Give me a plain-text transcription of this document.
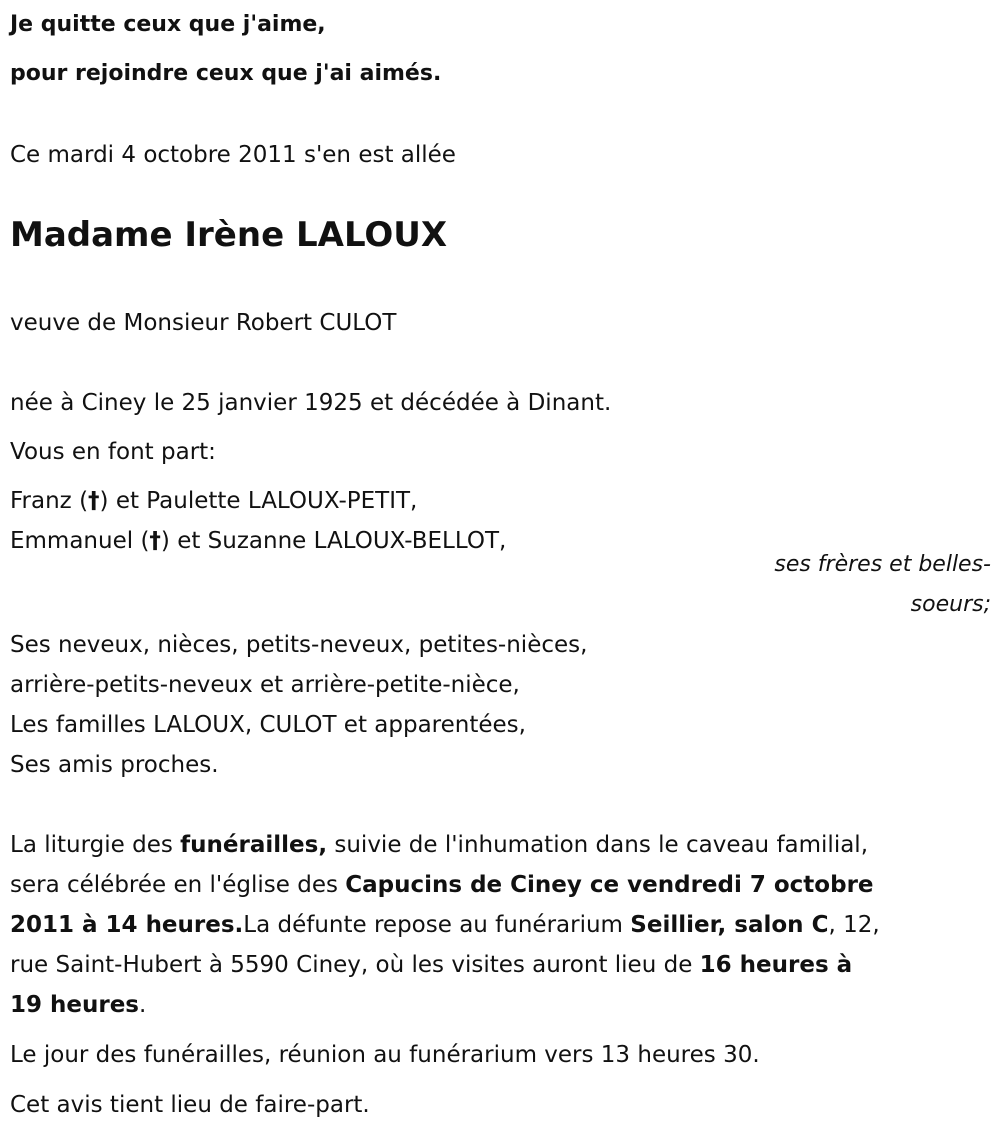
Je quitte ceux que j'aime,
pour rejoindre ceux que j'ai aimés.
Ce mardi 4 octobre 2011 s'en est allée
Madame Irène LALOUX
veuve de Monsieur Robert CULOT
née à Ciney le 25 janvier 1925 et décédée à Dinant.
Vous en font part:
Franz (†) et Paulette LALOUX-PETIT,
Emmanuel (†) et Suzanne LALOUX-BELLOT,
ses frères et belles-
soeurs;
Ses neveux, nièces, petits-neveux, petites-nièces,
arrière-petits-neveux et arrière-petite-nièce,
Les familles LALOUX, CULOT et apparentées,
Ses amis proches.
La liturgie des funérailles, suivie de l'inhumation dans le caveau familial,
sera célébrée en l'église des Capucins de Ciney ce vendredi 7 octobre
2011 à 14 heures.La défunte repose au funérarium Seillier, salon C, 12,
rue Saint-Hubert à 5590 Ciney, où les visites auront lieu de 16 heures à
19 heures.
Le jour des funérailles, réunion au funérarium vers 13 heures 30.
Cet avis tient lieu de faire-part.
